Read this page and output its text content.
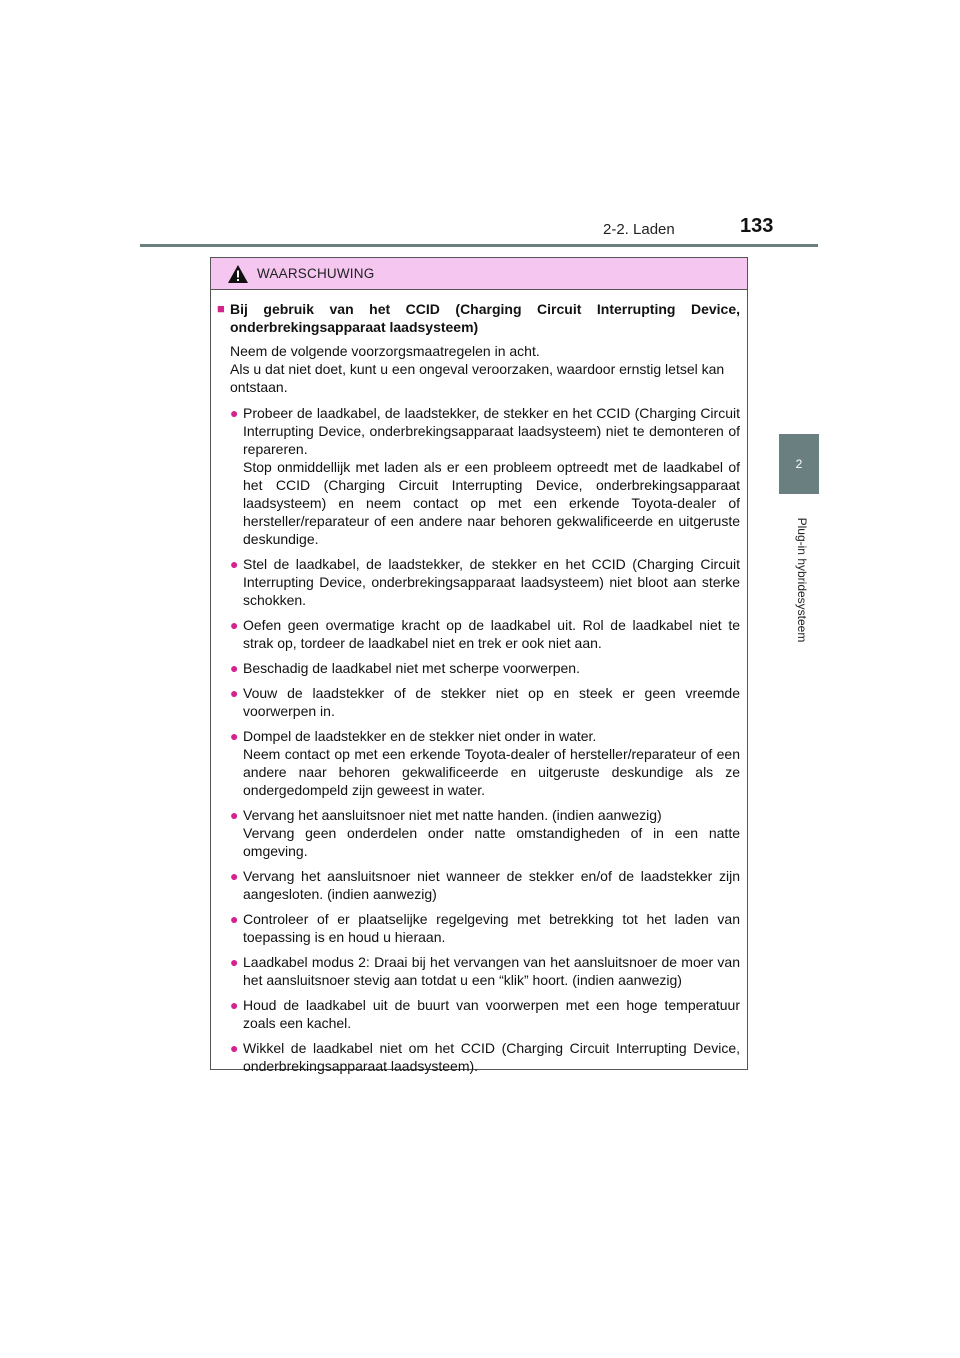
2-2. Laden	133
2
Plug-in hybridesysteem
WAARSCHUWING
■ Bij gebruik van het CCID (Charging Circuit Interrupting Device, onderbrekingsapparaat laadsysteem)
Neem de volgende voorzorgsmaatregelen in acht.
Als u dat niet doet, kunt u een ongeval veroorzaken, waardoor ernstig letsel kan ontstaan.
● Probeer de laadkabel, de laadstekker, de stekker en het CCID (Charging Circuit Interrupting Device, onderbrekingsapparaat laadsysteem) niet te demonteren of repareren.
Stop onmiddellijk met laden als er een probleem optreedt met de laadkabel of het CCID (Charging Circuit Interrupting Device, onderbrekingsapparaat laadsysteem) en neem contact op met een erkende Toyota-dealer of hersteller/reparateur of een andere naar behoren gekwalificeerde en uitgeruste deskundige.
● Stel de laadkabel, de laadstekker, de stekker en het CCID (Charging Circuit Interrupting Device, onderbrekingsapparaat laadsysteem) niet bloot aan sterke schokken.
● Oefen geen overmatige kracht op de laadkabel uit. Rol de laadkabel niet te strak op, tordeer de laadkabel niet en trek er ook niet aan.
● Beschadig de laadkabel niet met scherpe voorwerpen.
● Vouw de laadstekker of de stekker niet op en steek er geen vreemde voorwerpen in.
● Dompel de laadstekker en de stekker niet onder in water.
Neem contact op met een erkende Toyota-dealer of hersteller/reparateur of een andere naar behoren gekwalificeerde en uitgeruste deskundige als ze ondergedompeld zijn geweest in water.
● Vervang het aansluitsnoer niet met natte handen. (indien aanwezig)
Vervang geen onderdelen onder natte omstandigheden of in een natte omgeving.
● Vervang het aansluitsnoer niet wanneer de stekker en/of de laadstekker zijn aangesloten. (indien aanwezig)
● Controleer of er plaatselijke regelgeving met betrekking tot het laden van toepassing is en houd u hieraan.
● Laadkabel modus 2: Draai bij het vervangen van het aansluitsnoer de moer van het aansluitsnoer stevig aan totdat u een “klik” hoort. (indien aanwezig)
● Houd de laadkabel uit de buurt van voorwerpen met een hoge temperatuur zoals een kachel.
● Wikkel de laadkabel niet om het CCID (Charging Circuit Interrupting Device, onderbrekingsapparaat laadsysteem).
